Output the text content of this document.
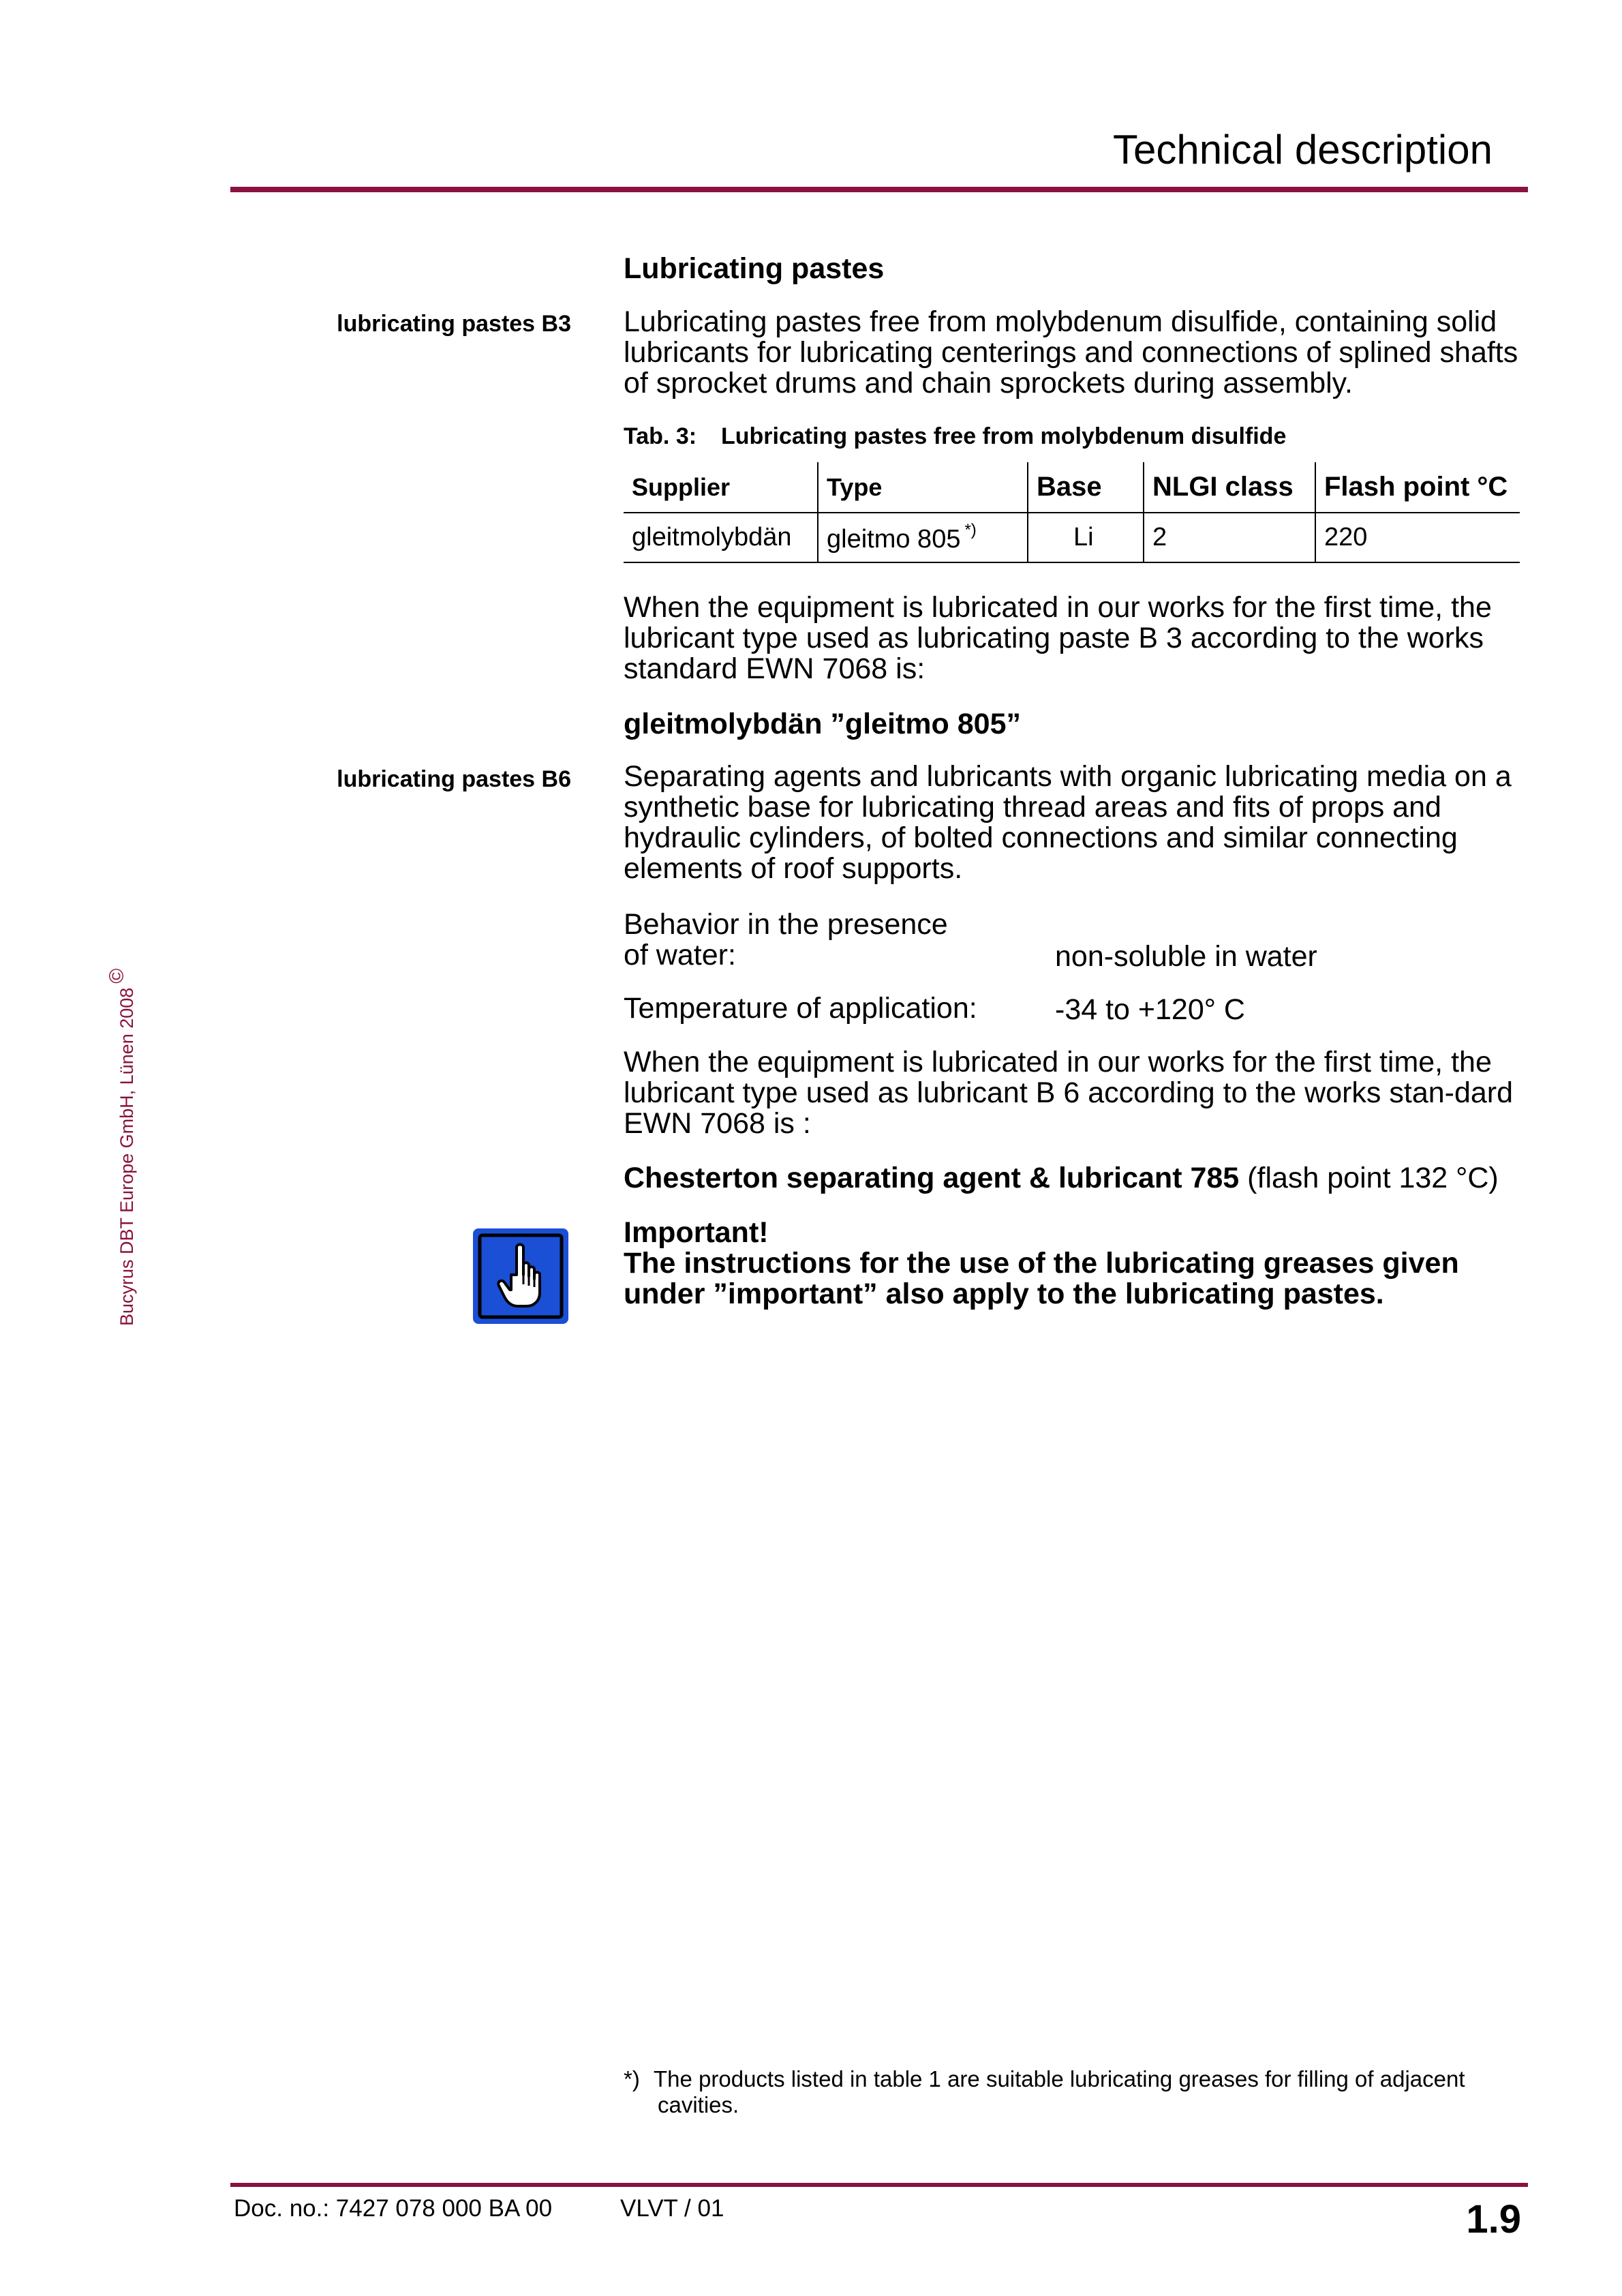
Technical description
Lubricating pastes
lubricating pastes B3 Lubricating pastes free from molybdenum disulfide, containing solid lubricants for lubricating centerings and connections of splined shafts of sprocket drums and chain sprockets during assembly.
Tab. 3: Lubricating pastes free from molybdenum disulfide
Supplier	Type	Base	NLGI class	Flash point °C
gleitmolybdän	gleitmo 805 *)	Li	2	220
When the equipment is lubricated in our works for the first time, the lubricant type used as lubricating paste B 3 according to the works standard EWN 7068 is:
gleitmolybdän ”gleitmo 805”
lubricating pastes B6 Separating agents and lubricants with organic lubricating media on a synthetic base for lubricating thread areas and fits of props and hydraulic cylinders, of bolted connections and similar connecting elements of roof supports.
Behavior in the presence
of water:	non-soluble in water
Temperature of application:	-34 to +120° C
When the equipment is lubricated in our works for the first time, the lubricant type used as lubricant B 6 according to the works stan-dard EWN 7068 is :
Chesterton separating agent & lubricant 785 (flash point 132 °C)
Important!
The instructions for the use of the lubricating greases given under ”important” also apply to the lubricating pastes.
*) The products listed in table 1 are suitable lubricating greases for filling of adjacent
cavities.
Doc. no.: 7427 078 000 BA 00	VLVT / 01	1.9
Bucyrus DBT Europe GmbH, Lünen 2008©
